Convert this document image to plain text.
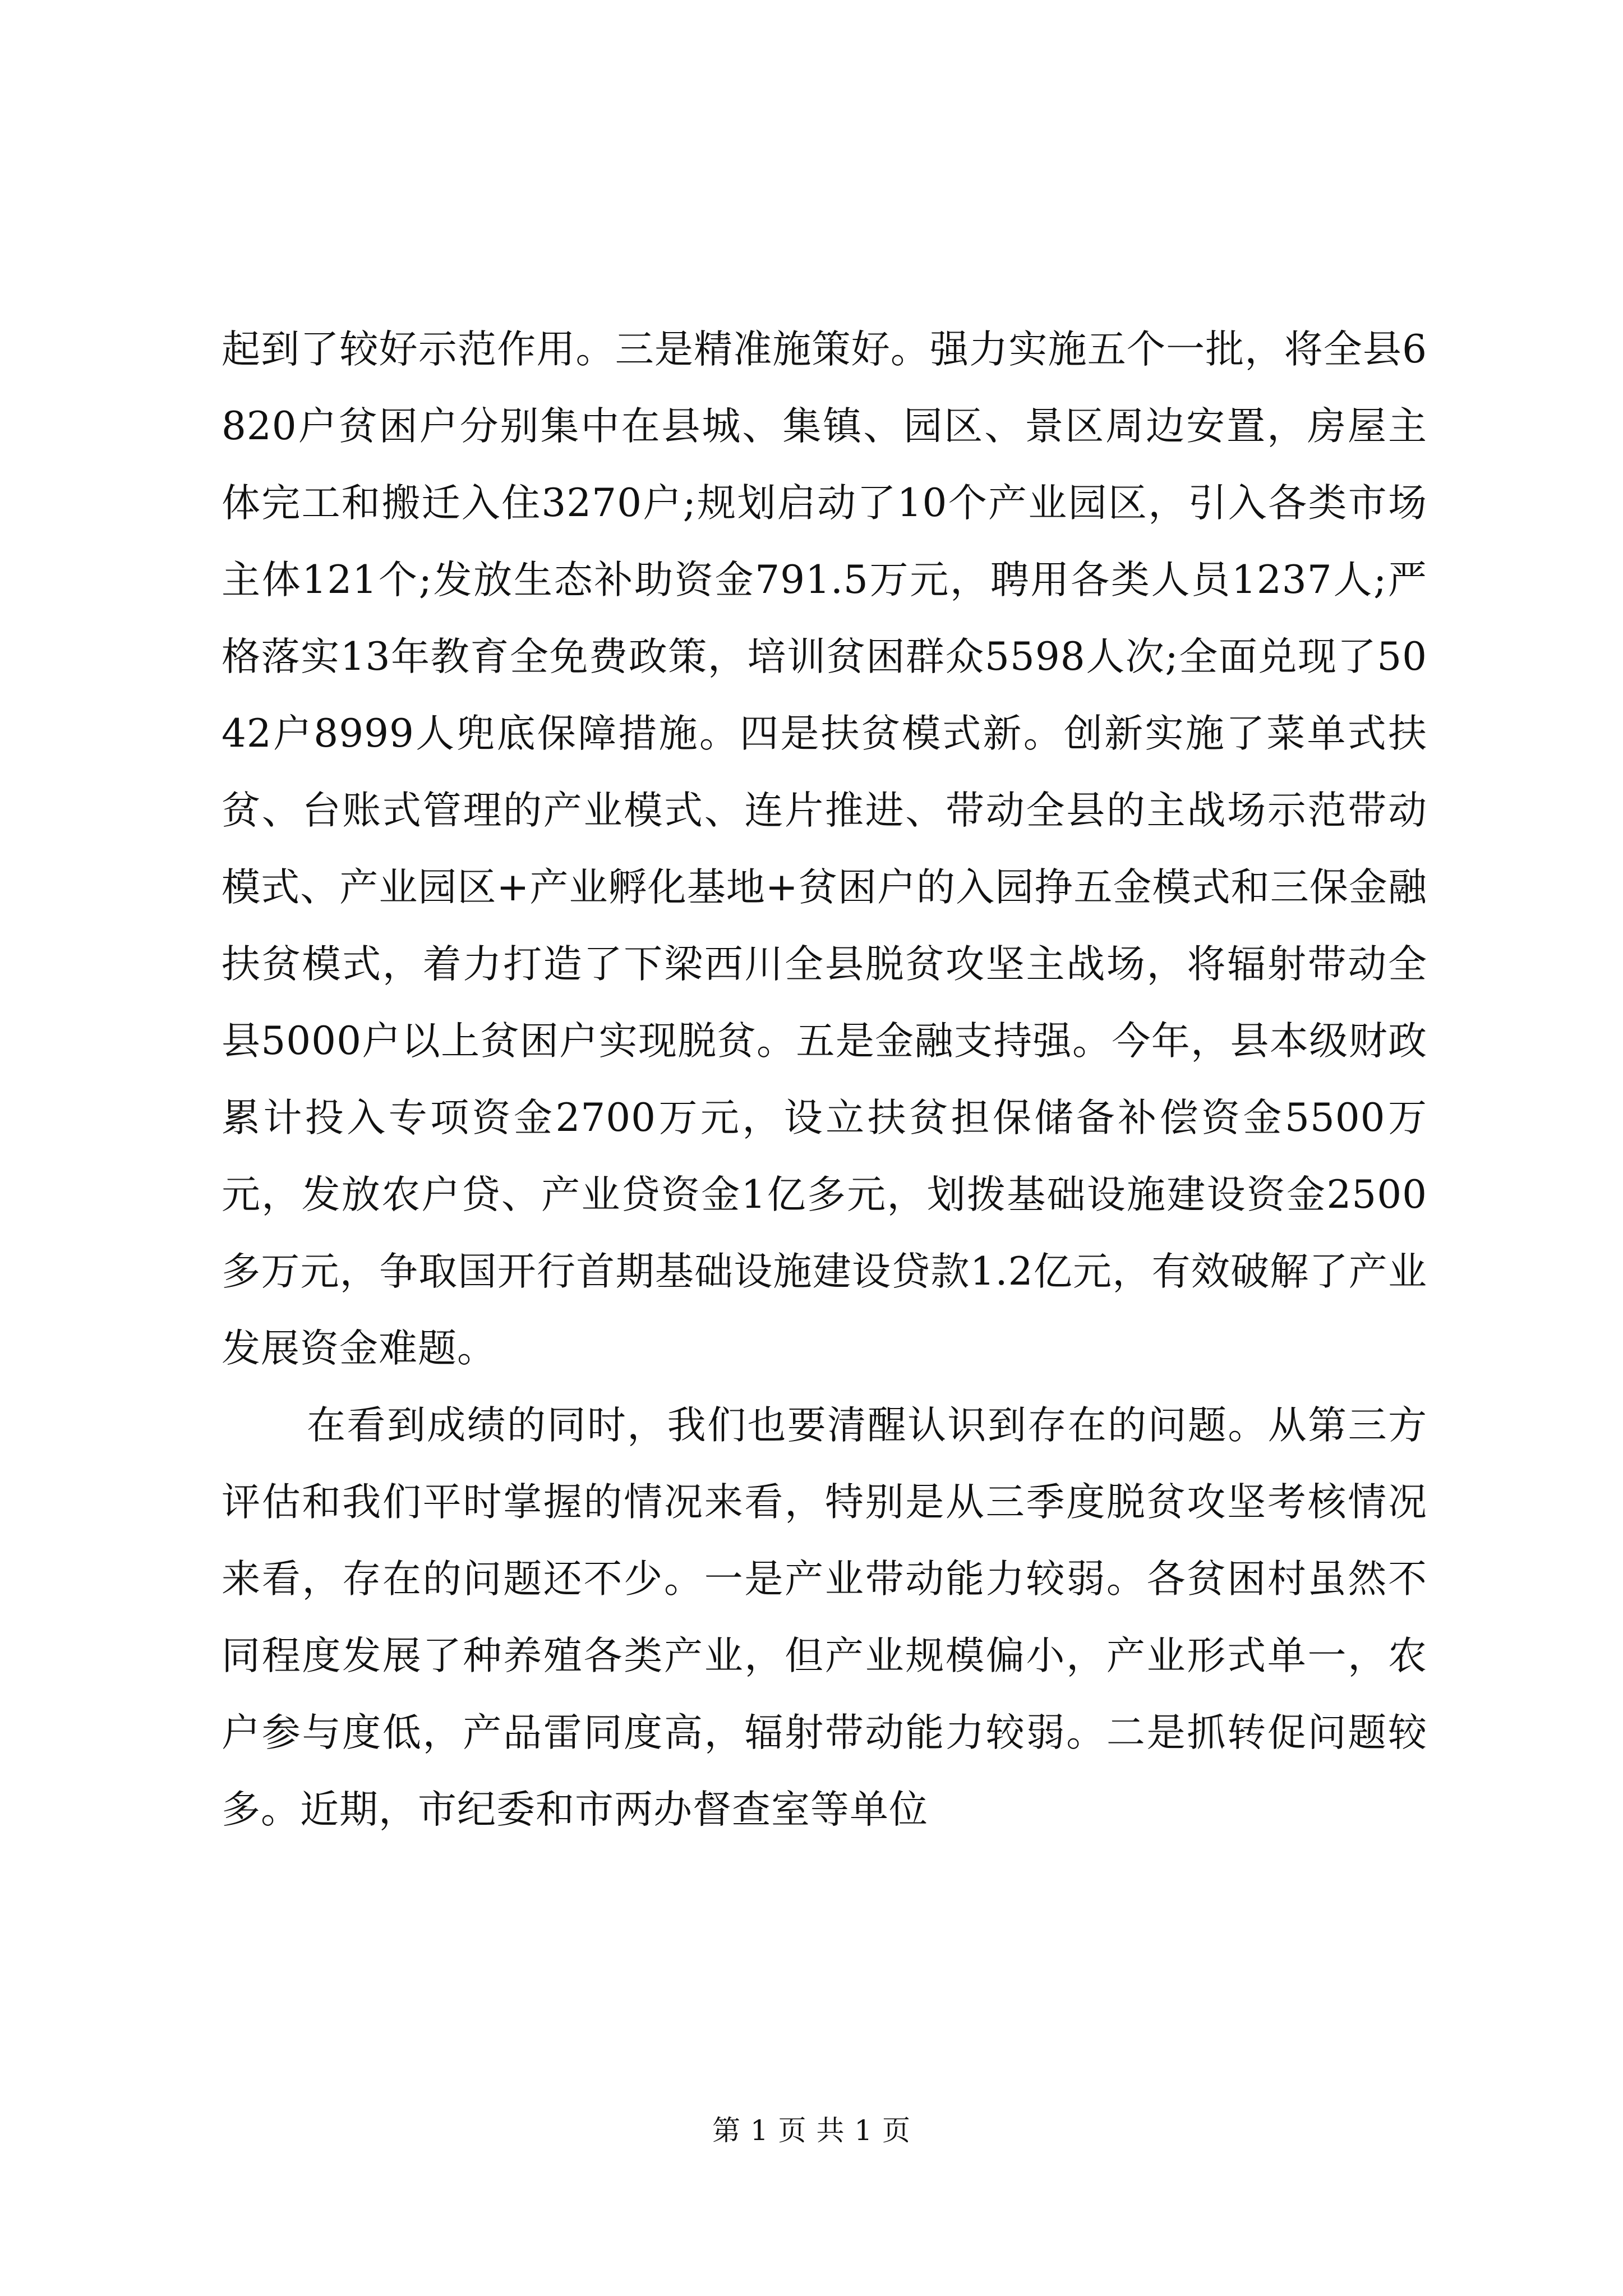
起到了较好示范作用。三是精准施策好。强力实施五个一批，将全县6820户贫困户分别集中在县城、集镇、园区、景区周边安置，房屋主体完工和搬迁入住3270户;规划启动了10个产业园区，引入各类市场主体121个;发放生态补助资金791.5万元，聘用各类人员1237人;严格落实13年教育全免费政策，培训贫困群众5598人次;全面兑现了5042户8999人兜底保障措施。四是扶贫模式新。创新实施了菜单式扶贫、台账式管理的产业模式、连片推进、带动全县的主战场示范带动模式、产业园区+产业孵化基地+贫困户的入园挣五金模式和三保金融扶贫模式，着力打造了下梁西川全县脱贫攻坚主战场，将辐射带动全县5000户以上贫困户实现脱贫。五是金融支持强。今年，县本级财政累计投入专项资金2700万元，设立扶贫担保储备补偿资金5500万元，发放农户贷、产业贷资金1亿多元，划拨基础设施建设资金2500多万元，争取国开行首期基础设施建设贷款1.2亿元，有效破解了产业发展资金难题。

在看到成绩的同时，我们也要清醒认识到存在的问题。从第三方评估和我们平时掌握的情况来看，特别是从三季度脱贫攻坚考核情况来看，存在的问题还不少。一是产业带动能力较弱。各贫困村虽然不同程度发展了种养殖各类产业，但产业规模偏小，产业形式单一，农户参与度低，产品雷同度高，辐射带动能力较弱。二是抓转促问题较多。近期，市纪委和市两办督查室等单位

第 1 页 共 1 页
